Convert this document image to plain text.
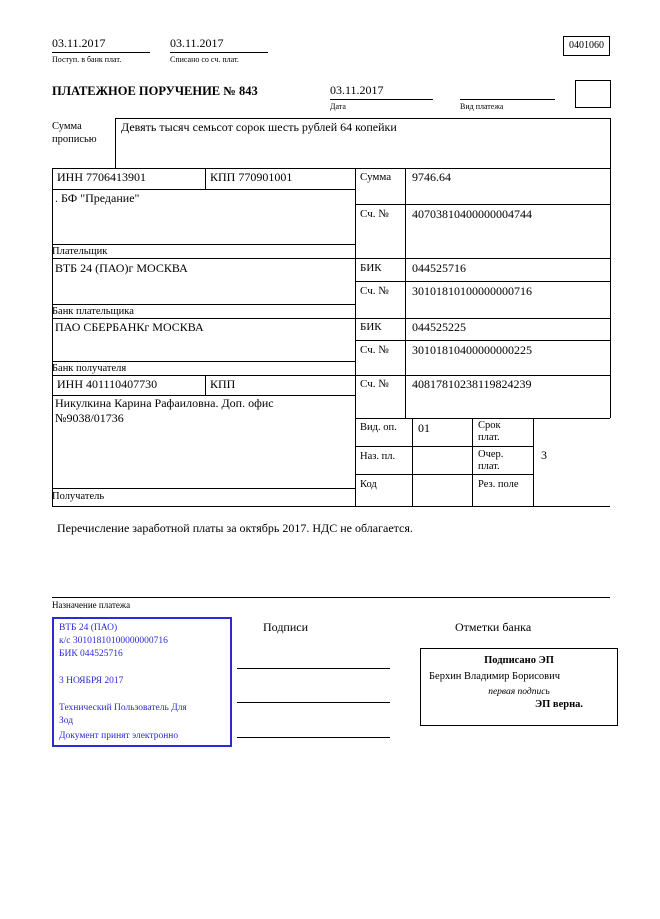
03.11.2017
Поступ. в банк плат.
03.11.2017
Списано со сч. плат.
0401060
ПЛАТЕЖНОЕ ПОРУЧЕНИЕ № 843	03.11.2017
Дата	Вид платежа
Сумма
прописью
Девять тысяч семьсот сорок шесть рублей 64 копейки
ИНН 7706413901	КПП 770901001	Сумма 9746.64
. БФ "Предание"
Сч. № 40703810400000004744
Плательщик
ВТБ 24 (ПАО)г МОСКВА	БИК	044525716
Сч. № 30101810100000000716
Банк плательщика
ПАО СБЕРБАНКг МОСКВА	БИК	044525225
Сч. № 30101810400000000225
Банк получателя
ИНН 401110407730	КПП	Сч. № 40817810238119824239
Никулкина Карина Рафаиловна. Доп. офис
№9038/01736
Вид. оп. 01	Срок
плат.
Наз. пл.	Очер.
плат.
3
Код	Рез. поле
Получатель
Перечисление заработной платы за октябрь 2017. НДС не облагается.
Назначение платежа
Подписи	Отметки банка
ВТБ 24 (ПАО)
к/с 30101810100000000716
БИК 044525716
3 НОЯБРЯ 2017
Технический Пользователь Для
Зод
Документ принят электронно
Подписано ЭП
Берхин Владимир Борисович
первая подпись
ЭП верна.
